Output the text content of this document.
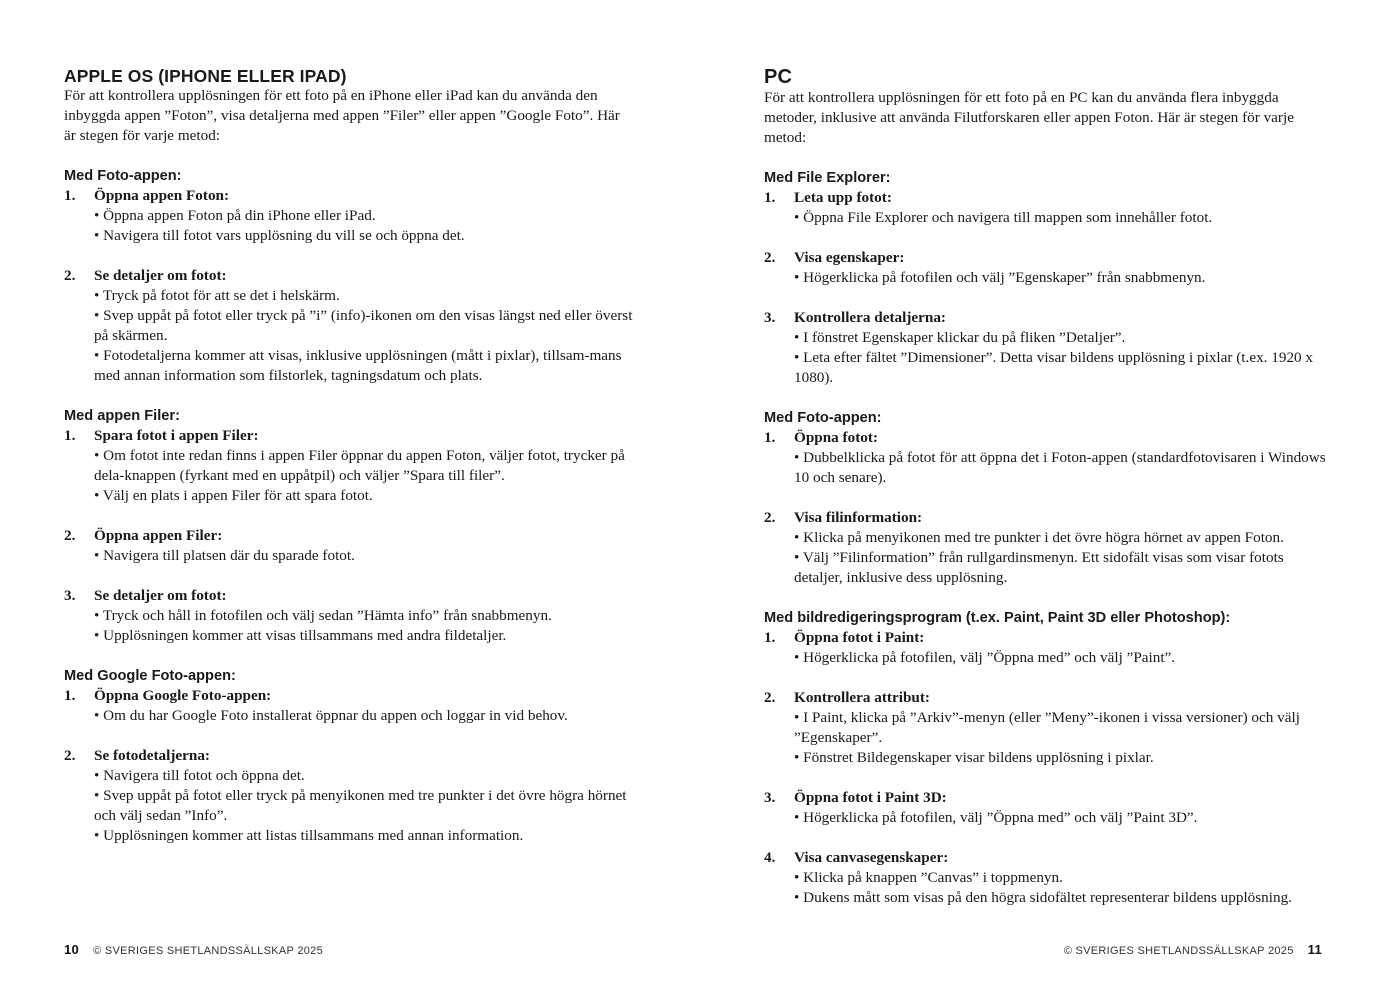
APPLE OS (IPHONE ELLER IPAD)

För att kontrollera upplösningen för ett foto på en iPhone eller iPad kan du använda den inbyggda appen ”Foton”, visa detaljerna med appen ”Filer” eller appen ”Google Foto”. Här är stegen för varje metod:

Med Foto-appen:
1. Öppna appen Foton:
• Öppna appen Foton på din iPhone eller iPad.
• Navigera till fotot vars upplösning du vill se och öppna det.
2. Se detaljer om fotot:
• Tryck på fotot för att se det i helskärm.
• Svep uppåt på fotot eller tryck på ”i” (info)-ikonen om den visas längst ned eller överst på skärmen.
• Fotodetaljerna kommer att visas, inklusive upplösningen (mått i pixlar), tillsam-mans med annan information som filstorlek, tagningsdatum och plats.
Med appen Filer:
1. Spara fotot i appen Filer:
• Om fotot inte redan finns i appen Filer öppnar du appen Foton, väljer fotot, trycker på dela-knappen (fyrkant med en uppåtpil) och väljer ”Spara till filer”.
• Välj en plats i appen Filer för att spara fotot.
2. Öppna appen Filer:
• Navigera till platsen där du sparade fotot.
3. Se detaljer om fotot:
• Tryck och håll in fotofilen och välj sedan ”Hämta info” från snabbmenyn.
• Upplösningen kommer att visas tillsammans med andra fildetaljer.
Med Google Foto-appen:
1. Öppna Google Foto-appen:
• Om du har Google Foto installerat öppnar du appen och loggar in vid behov.
2. Se fotodetaljerna:
• Navigera till fotot och öppna det.
• Svep uppåt på fotot eller tryck på menyikonen med tre punkter i det övre högra hörnet och välj sedan ”Info”.
• Upplösningen kommer att listas tillsammans med annan information.
PC

För att kontrollera upplösningen för ett foto på en PC kan du använda flera inbyggda metoder, inklusive att använda Filutforskaren eller appen Foton. Här är stegen för varje metod:

Med File Explorer:
1. Leta upp fotot:
• Öppna File Explorer och navigera till mappen som innehåller fotot.
2. Visa egenskaper:
• Högerklicka på fotofilen och välj ”Egenskaper” från snabbmenyn.
3. Kontrollera detaljerna:
• I fönstret Egenskaper klickar du på fliken ”Detaljer”.
• Leta efter fältet ”Dimensioner”. Detta visar bildens upplösning i pixlar (t.ex. 1920 x 1080).
Med Foto-appen:
1. Öppna fotot:
• Dubbelklicka på fotot för att öppna det i Foton-appen (standardfotovisaren i Windows 10 och senare).
2. Visa filinformation:
• Klicka på menyikonen med tre punkter i det övre högra hörnet av appen Foton.
• Välj ”Filinformation” från rullgardinsmenyn. Ett sidofält visas som visar fotots detaljer, inklusive dess upplösning.
Med bildredigeringsprogram (t.ex. Paint, Paint 3D eller Photoshop):
1. Öppna fotot i Paint:
• Högerklicka på fotofilen, välj ”Öppna med” och välj ”Paint”.
2. Kontrollera attribut:
• I Paint, klicka på ”Arkiv”-menyn (eller ”Meny”-ikonen i vissa versioner) och välj ”Egenskaper”.
• Fönstret Bildegenskaper visar bildens upplösning i pixlar.
3. Öppna fotot i Paint 3D:
• Högerklicka på fotofilen, välj ”Öppna med” och välj ”Paint 3D”.
4. Visa canvasegenskaper:
• Klicka på knappen ”Canvas” i toppmenyn.
• Dukens mått som visas på den högra sidofältet representerar bildens upplösning.
10 © SVERIGES SHETLANDSSÄLLSKAP 2025	© SVERIGES SHETLANDSSÄLLSKAP 2025 11
